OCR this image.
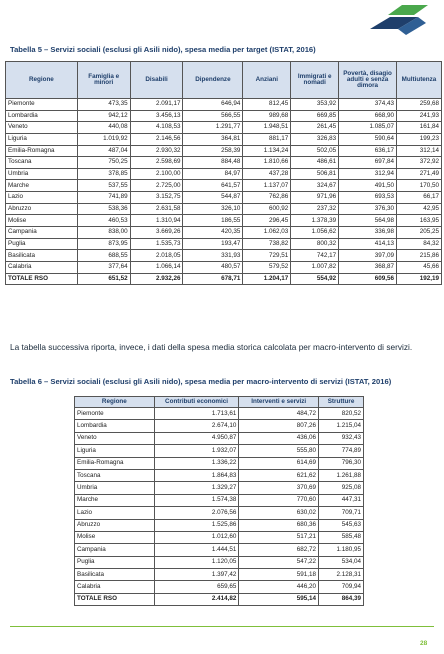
Tabella 5 – Servizi sociali (esclusi gli Asili nido), spesa media per target (ISTAT, 2016)
Regione	Famiglia e minori	Disabili	Dipendenze	Anziani	Immigrati e nomadi	Povertà, disagio adulti e senza dimora	Multiutenza
Piemonte	473,35	2.091,17	646,94	812,45	353,92	374,43	259,68
Lombardia	942,12	3.456,13	566,55	989,68	669,85	668,90	241,93
Veneto	440,08	4.108,53	1.291,77	1.948,51	261,45	1.085,07	161,84
Liguria	1.019,92	2.146,56	364,81	881,17	326,83	590,64	199,23
Emilia-Romagna	487,04	2.930,32	258,39	1.134,24	502,05	636,17	312,14
Toscana	750,25	2.598,69	884,48	1.810,66	486,61	697,84	372,92
Umbria	378,85	2.100,00	84,97	437,28	506,81	312,94	271,49
Marche	537,55	2.725,00	641,57	1.137,07	324,67	491,50	170,50
Lazio	741,89	3.152,75	544,87	762,86	971,96	693,53	66,17
Abruzzo	538,36	2.631,58	326,10	600,92	237,32	376,30	42,95
Molise	460,53	1.310,94	186,55	296,45	1.378,39	564,98	163,95
Campania	838,00	3.669,26	420,35	1.062,03	1.056,62	336,98	205,25
Puglia	873,95	1.535,73	193,47	738,82	800,32	414,13	84,32
Basilicata	688,55	2.018,05	331,93	729,51	742,17	397,09	215,86
Calabria	377,64	1.066,14	480,57	579,52	1.007,82	368,87	45,66
TOTALE RSO	651,52	2.932,26	678,71	1.204,17	554,92	609,56	192,19
La tabella successiva riporta, invece, i dati della spesa media storica calcolata per macro-intervento di servizi.
Tabella 6 – Servizi sociali (esclusi gli Asili nido), spesa media per macro-intervento di servizi (ISTAT, 2016)
Regione	Contributi economici	Interventi e servizi	Strutture
Piemonte	1.713,61	484,72	820,52
Lombardia	2.674,10	807,26	1.215,04
Veneto	4.950,87	436,06	932,43
Liguria	1.932,07	555,80	774,89
Emilia-Romagna	1.336,22	614,69	796,30
Toscana	1.864,83	621,62	1.261,88
Umbria	1.329,27	370,69	925,08
Marche	1.574,38	770,60	447,31
Lazio	2.076,56	630,02	709,71
Abruzzo	1.525,86	680,36	545,63
Molise	1.012,60	517,21	585,48
Campania	1.444,51	682,72	1.180,95
Puglia	1.120,05	547,22	534,04
Basilicata	1.397,42	591,18	2.128,31
Calabria	659,65	446,20	709,94
TOTALE RSO	2.414,82	595,14	864,39
28
